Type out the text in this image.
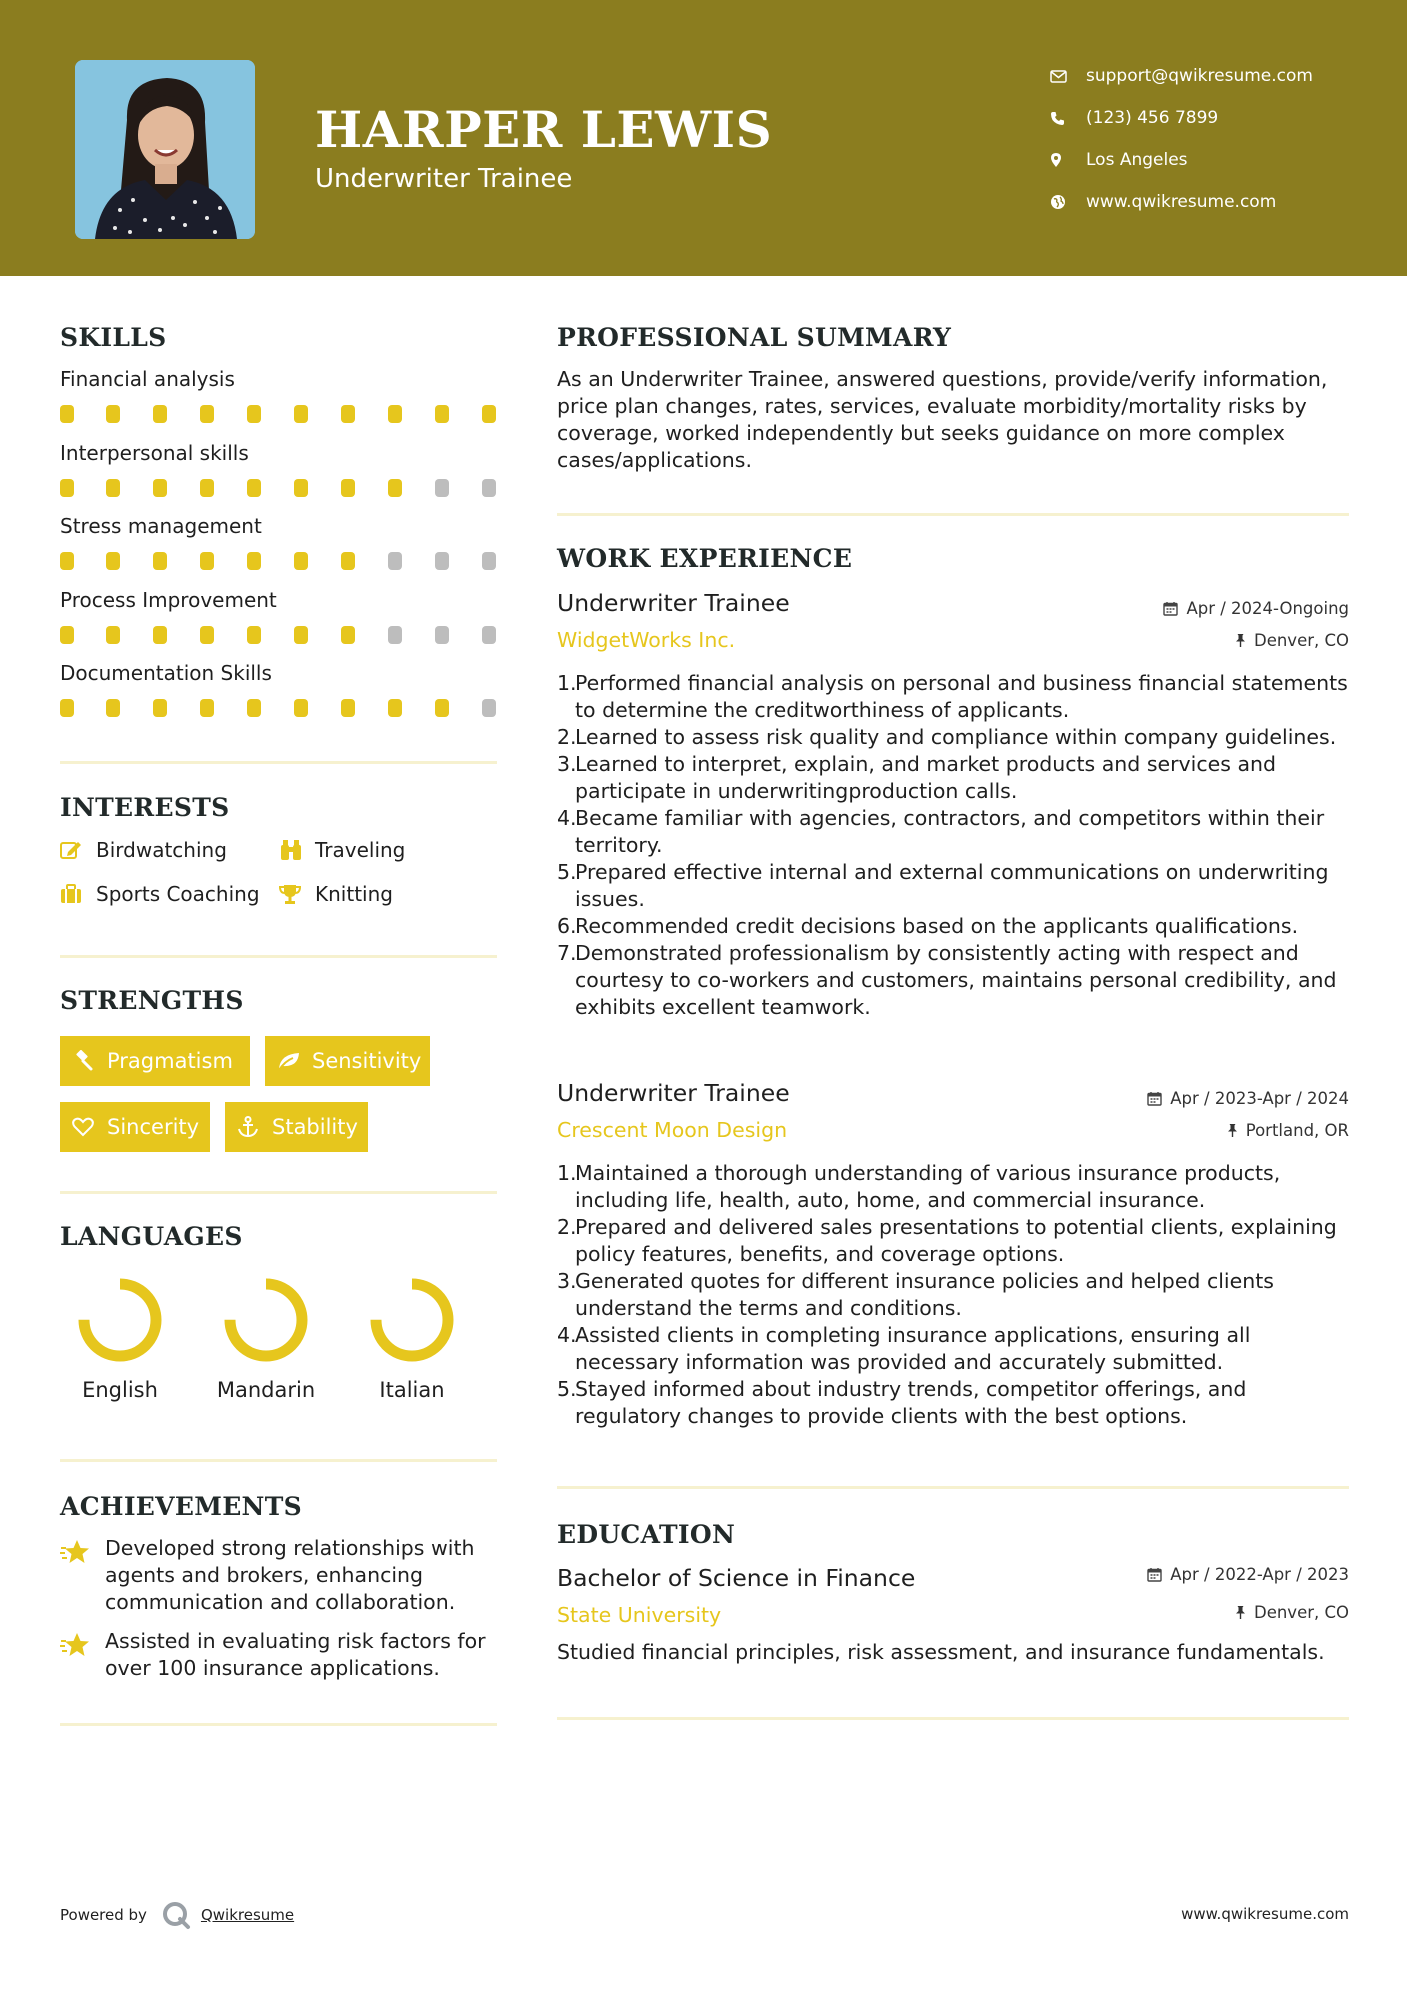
HARPER LEWIS
Underwriter Trainee
support@qwikresume.com
(123) 456 7899
Los Angeles
www.qwikresume.com
SKILLS
Financial analysis
Interpersonal skills
Stress management
Process Improvement
Documentation Skills
INTERESTS
Birdwatching	Traveling
Sports Coaching	Knitting
STRENGTHS
Pragmatism	Sensitivity
Sincerity	Stability
LANGUAGES
English	Mandarin	Italian
ACHIEVEMENTS
Developed strong relationships with agents and brokers, enhancing communication and collaboration.
Assisted in evaluating risk factors for over 100 insurance applications.
PROFESSIONAL SUMMARY
As an Underwriter Trainee, answered questions, provide/verify information, price plan changes, rates, services, evaluate morbidity/mortality risks by coverage, worked independently but seeks guidance on more complex cases/applications.
WORK EXPERIENCE
Underwriter Trainee	Apr / 2024-Ongoing
WidgetWorks Inc.	Denver, CO
1.
Performed financial analysis on personal and business financial statements to determine the creditworthiness of applicants.
2.
Learned to assess risk quality and compliance within company guidelines.
3.
Learned to interpret, explain, and market products and services and participate in underwritingproduction calls.
4.
Became familiar with agencies, contractors, and competitors within their territory.
5.
Prepared effective internal and external communications on underwriting issues.
6.
Recommended credit decisions based on the applicants qualifications.
7.
Demonstrated professionalism by consistently acting with respect and courtesy to co-workers and customers, maintains personal credibility, and exhibits excellent teamwork.
Underwriter Trainee	Apr / 2023-Apr / 2024
Crescent Moon Design	Portland, OR
1.
Maintained a thorough understanding of various insurance products, including life, health, auto, home, and commercial insurance.
2.
Prepared and delivered sales presentations to potential clients, explaining policy features, benefits, and coverage options.
3.
Generated quotes for different insurance policies and helped clients understand the terms and conditions.
4.
Assisted clients in completing insurance applications, ensuring all necessary information was provided and accurately submitted.
5.
Stayed informed about industry trends, competitor offerings, and regulatory changes to provide clients with the best options.
EDUCATION
Bachelor of Science in Finance	Apr / 2022-Apr / 2023
State University	Denver, CO
Studied financial principles, risk assessment, and insurance fundamentals.
Powered by	Qwikresume	www.qwikresume.com
